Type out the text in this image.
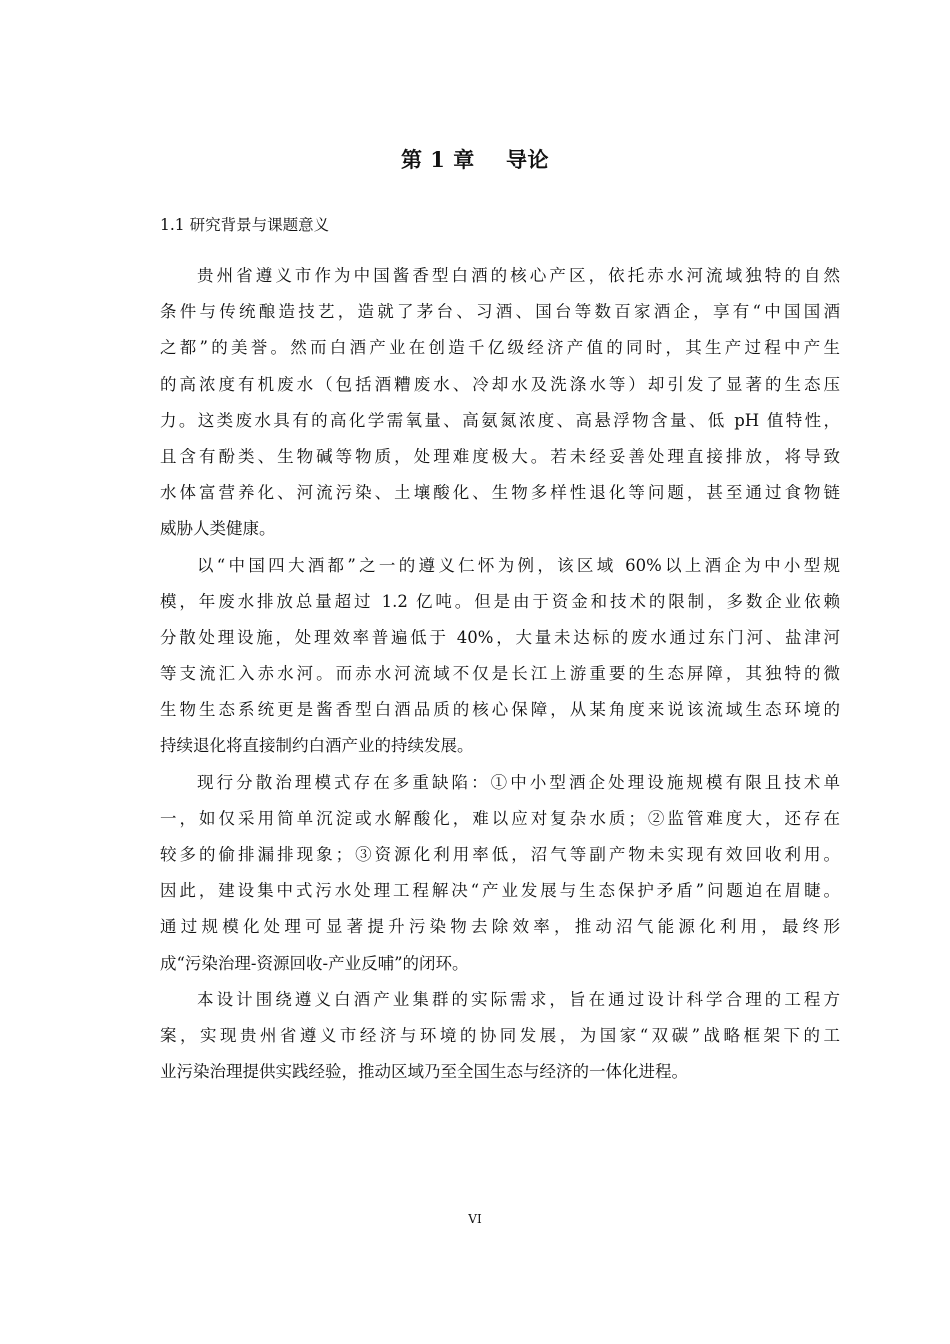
第 1 章    导论
1.1 研究背景与课题意义
贵州省遵义市作为中国酱香型白酒的核心产区，依托赤水河流域独特的自然
条件与传统酿造技艺，造就了茅台、习酒、国台等数百家酒企，享有“中国国酒
之都”的美誉。然而白酒产业在创造千亿级经济产值的同时，其生产过程中产生
的高浓度有机废水（包括酒糟废水、冷却水及洗涤水等）却引发了显著的生态压
力。这类废水具有的高化学需氧量、高氨氮浓度、高悬浮物含量、低 pH 值特性，
且含有酚类、生物碱等物质，处理难度极大。若未经妥善处理直接排放，将导致
水体富营养化、河流污染、土壤酸化、生物多样性退化等问题，甚至通过食物链
威胁人类健康。
以“中国四大酒都”之一的遵义仁怀为例，该区域 60%以上酒企为中小型规
模，年废水排放总量超过 1.2 亿吨。但是由于资金和技术的限制，多数企业依赖
分散处理设施，处理效率普遍低于 40%，大量未达标的废水通过东门河、盐津河
等支流汇入赤水河。而赤水河流域不仅是长江上游重要的生态屏障，其独特的微
生物生态系统更是酱香型白酒品质的核心保障，从某角度来说该流域生态环境的
持续退化将直接制约白酒产业的持续发展。
现行分散治理模式存在多重缺陷：①中小型酒企处理设施规模有限且技术单
一，如仅采用简单沉淀或水解酸化，难以应对复杂水质；②监管难度大，还存在
较多的偷排漏排现象；③资源化利用率低，沼气等副产物未实现有效回收利用。
因此，建设集中式污水处理工程解决“产业发展与生态保护矛盾”问题迫在眉睫。
通过规模化处理可显著提升污染物去除效率，推动沼气能源化利用，最终形
成“污染治理-资源回收-产业反哺”的闭环。
本设计围绕遵义白酒产业集群的实际需求，旨在通过设计科学合理的工程方
案，实现贵州省遵义市经济与环境的协同发展，为国家“双碳”战略框架下的工
业污染治理提供实践经验，推动区域乃至全国生态与经济的一体化进程。
VI
